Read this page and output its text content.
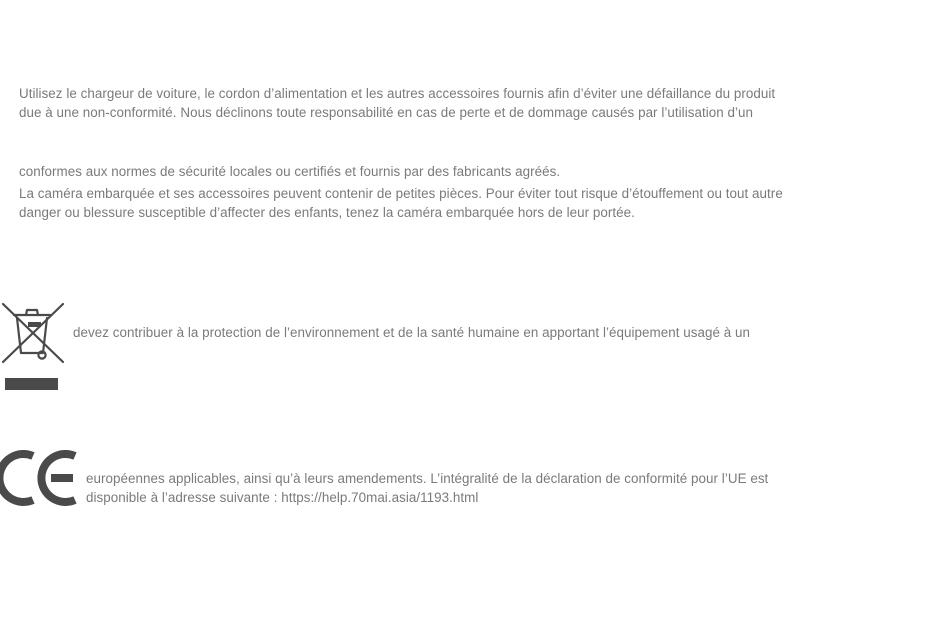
Utilisez le chargeur de voiture, le cordon d’alimentation et les autres accessoires fournis afin d’éviter une défaillance du produit
due à une non-conformité. Nous déclinons toute responsabilité en cas de perte et de dommage causés par l’utilisation d’un
conformes aux normes de sécurité locales ou certifiés et fournis par des fabricants agréés.
La caméra embarquée et ses accessoires peuvent contenir de petites pièces. Pour éviter tout risque d’étouffement ou tout autre
danger ou blessure susceptible d’affecter des enfants, tenez la caméra embarquée hors de leur portée.
devez contribuer à la protection de l’environnement et de la santé humaine en apportant l’équipement usagé à un
européennes applicables, ainsi qu’à leurs amendements. L’intégralité de la déclaration de conformité pour l’UE est
disponible à l’adresse suivante : https://help.70mai.asia/1193.html
